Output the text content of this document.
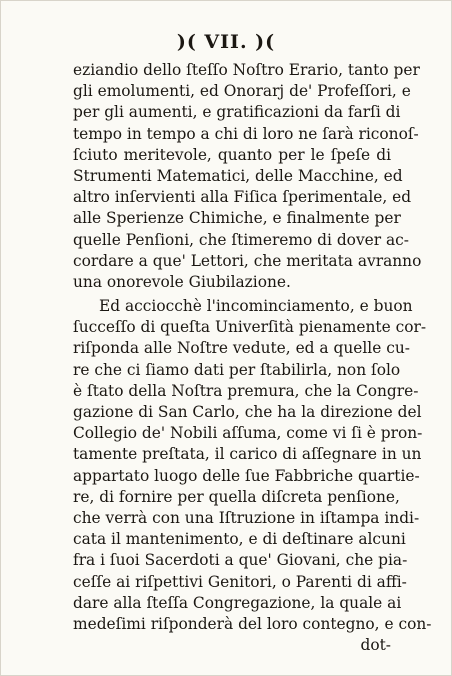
)( VII. )(
eziandio dello ſteſſo Noſtro Erario, tanto per
gli emolumenti, ed Onorarj de' Profeſſori, e
per gli aumenti, e gratificazioni da farſi di
tempo in tempo a chi di loro ne ſarà riconoſ-
ſciuto meritevole, quanto per le ſpeſe di
Strumenti Matematici, delle Macchine, ed
altro inſervienti alla Fiſica ſperimentale, ed
alle Sperienze Chimiche, e finalmente per
quelle Penſioni, che ſtimeremo di dover ac-
cordare a que' Lettori, che meritata avranno
una onorevole Giubilazione.
Ed acciocchè l'incominciamento, e buon
ſucceſſo di queſta Univerſità pienamente cor-
riſponda alle Noſtre vedute, ed a quelle cu-
re che ci ſiamo dati per ſtabilirla, non ſolo
è ſtato della Noſtra premura, che la Congre-
gazione di San Carlo, che ha la direzione del
Collegio de' Nobili aſſuma, come vi ſi è pron-
tamente preſtata, il carico di aſſegnare in un
appartato luogo delle ſue Fabbriche quartie-
re, di fornire per quella diſcreta penſione,
che verrà con una Iſtruzione in iſtampa indi-
cata il mantenimento, e di deſtinare alcuni
fra i ſuoi Sacerdoti a que' Giovani, che pia-
ceſſe ai riſpettivi Genitori, o Parenti di affi-
dare alla ſteſſa Congregazione, la quale ai
medeſimi riſponderà del loro contegno, e con-
dot-
